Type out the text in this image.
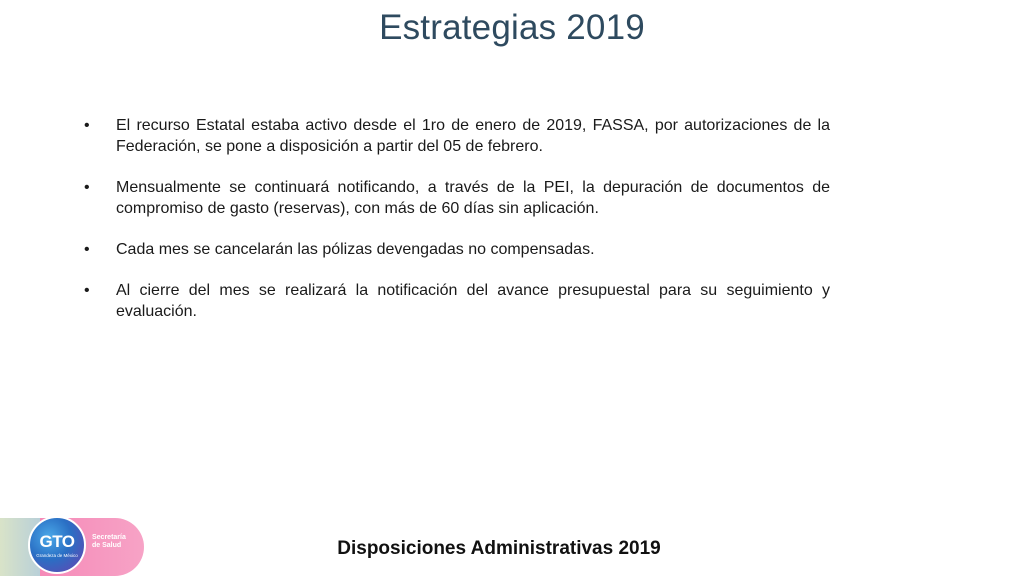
Estrategias 2019
• El recurso Estatal estaba activo desde el 1ro de enero de 2019, FASSA, por autorizaciones de la Federación, se pone a disposición a partir del 05 de febrero.
• Mensualmente se continuará notificando, a través de la PEI, la depuración de documentos de compromiso de gasto (reservas), con más de 60 días sin aplicación.
• Cada mes se cancelarán las pólizas devengadas no compensadas.
• Al cierre del mes se realizará la notificación del avance presupuestal para su seguimiento y evaluación.
GTO
Grandeza de México
Secretaría
de Salud	Disposiciones Administrativas 2019
